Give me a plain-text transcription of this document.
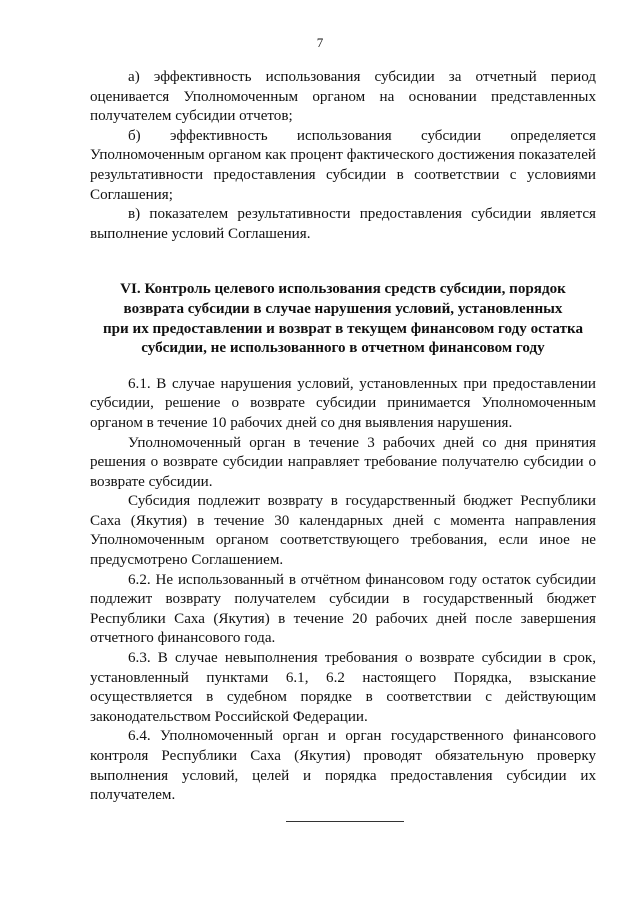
7

а) эффективность использования субсидии за отчетный период оценивается Уполномоченным органом на основании представленных получателем субсидии отчетов;

б) эффективность использования субсидии определяется Уполномоченным органом как процент фактического достижения показателей результативности предоставления субсидии в соответствии с условиями Соглашения;

в) показателем результативности предоставления субсидии является выполнение условий Соглашения.

VI. Контроль целевого использования средств субсидии, порядок
возврата субсидии в случае нарушения условий, установленных
при их предоставлении и возврат в текущем финансовом году остатка
субсидии, не использованного в отчетном финансовом году

6.1. В случае нарушения условий, установленных при предоставлении субсидии, решение о возврате субсидии принимается Уполномоченным органом в течение 10 рабочих дней со дня выявления нарушения.

Уполномоченный орган в течение 3 рабочих дней со дня принятия решения о возврате субсидии направляет требование получателю субсидии о возврате субсидии.

Субсидия подлежит возврату в государственный бюджет Республики Саха (Якутия) в течение 30 календарных дней с момента направления Уполномоченным органом соответствующего требования, если иное не предусмотрено Соглашением.

6.2. Не использованный в отчётном финансовом году остаток субсидии подлежит возврату получателем субсидии в государственный бюджет Республики Саха (Якутия) в течение 20 рабочих дней после завершения отчетного финансового года.

6.3. В случае невыполнения требования о возврате субсидии в срок, установленный пунктами 6.1, 6.2 настоящего Порядка, взыскание осуществляется в судебном порядке в соответствии с действующим законодательством Российской Федерации.

6.4. Уполномоченный орган и орган государственного финансового контроля Республики Саха (Якутия) проводят обязательную проверку выполнения условий, целей и порядка предоставления субсидии их получателем.
